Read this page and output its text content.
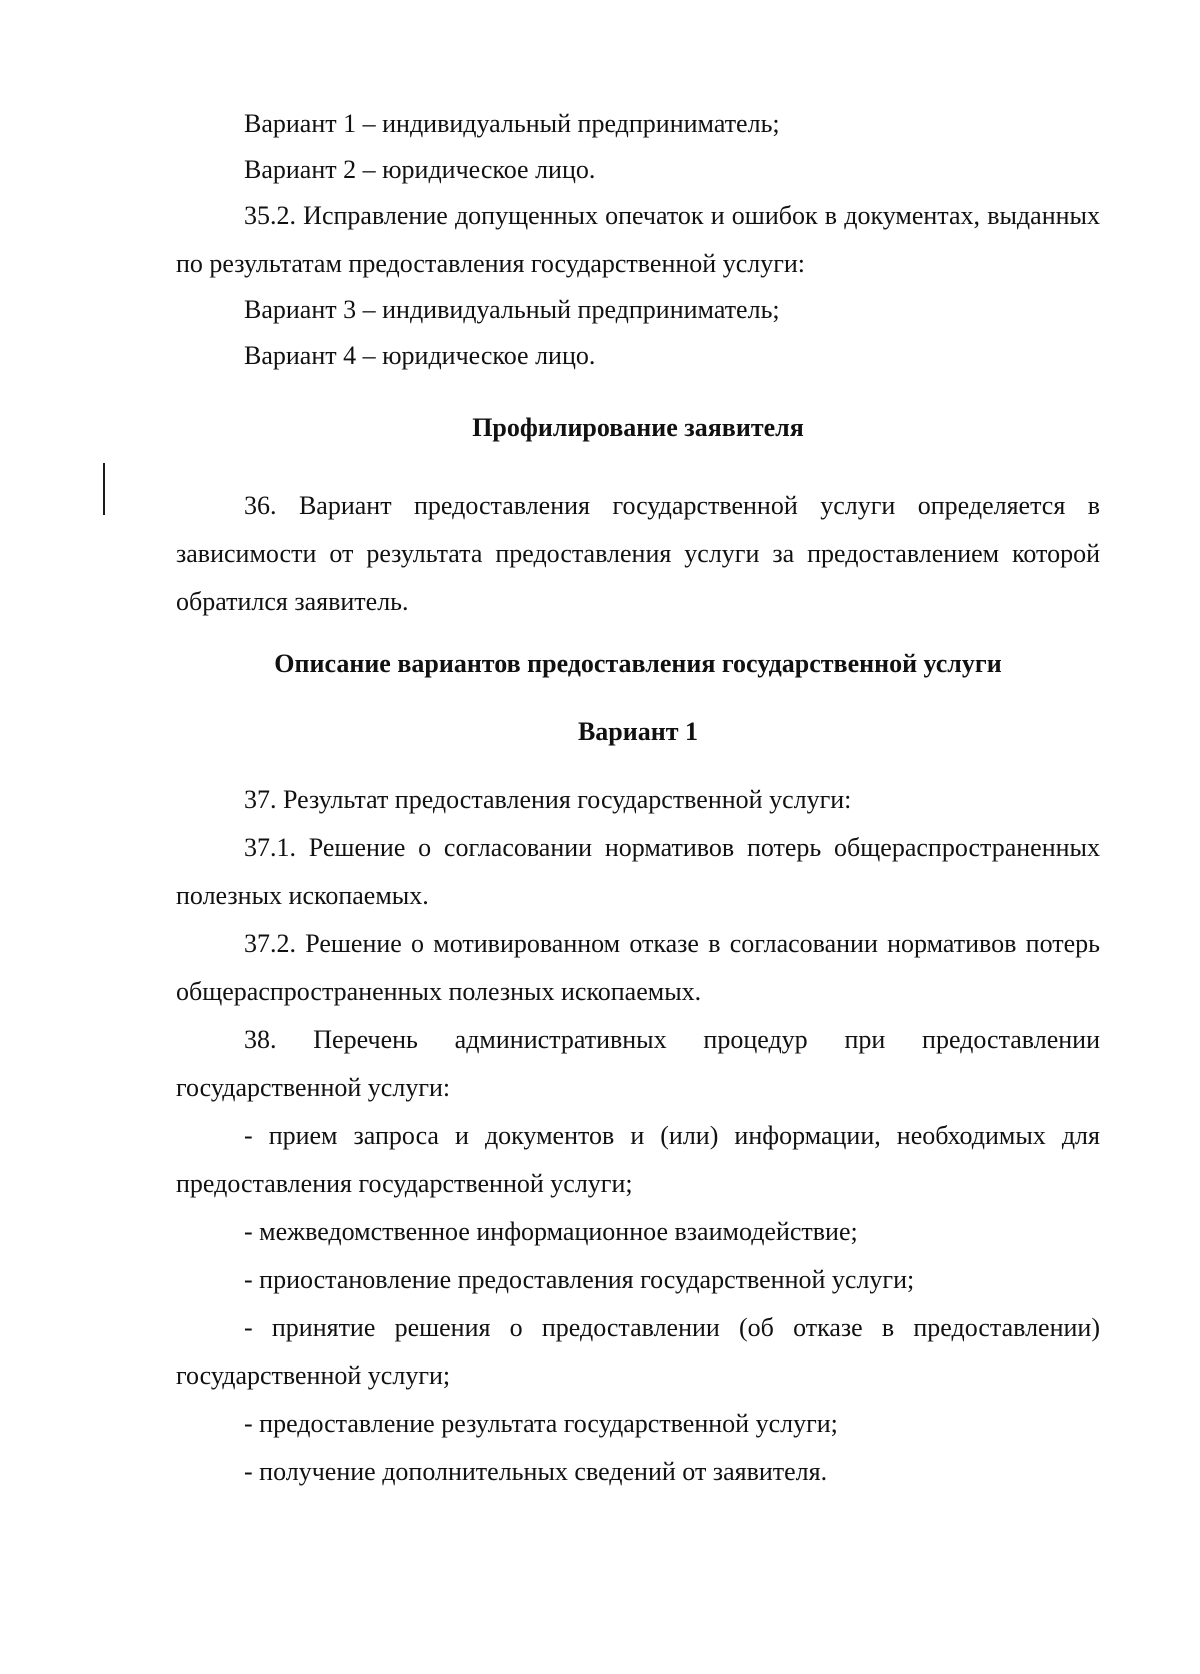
Вариант 1 – индивидуальный предприниматель;

Вариант 2 – юридическое лицо.

35.2. Исправление допущенных опечаток и ошибок в документах, выданных по результатам предоставления государственной услуги:

Вариант 3 – индивидуальный предприниматель;

Вариант 4 – юридическое лицо.

Профилирование заявителя

36. Вариант предоставления государственной услуги определяется в зависимости от результата предоставления услуги за предоставлением которой обратился заявитель.

Описание вариантов предоставления государственной услуги

Вариант 1

37. Результат предоставления государственной услуги:

37.1. Решение о согласовании нормативов потерь общераспространенных полезных ископаемых.

37.2. Решение о мотивированном отказе в согласовании нормативов потерь общераспространенных полезных ископаемых.

38. Перечень административных процедур при предоставлении государственной услуги:

- прием запроса и документов и (или) информации, необходимых для предоставления государственной услуги;

- межведомственное информационное взаимодействие;

- приостановление предоставления государственной услуги;

- принятие решения о предоставлении (об отказе в предоставлении) государственной услуги;

- предоставление результата государственной услуги;

- получение дополнительных сведений от заявителя.
